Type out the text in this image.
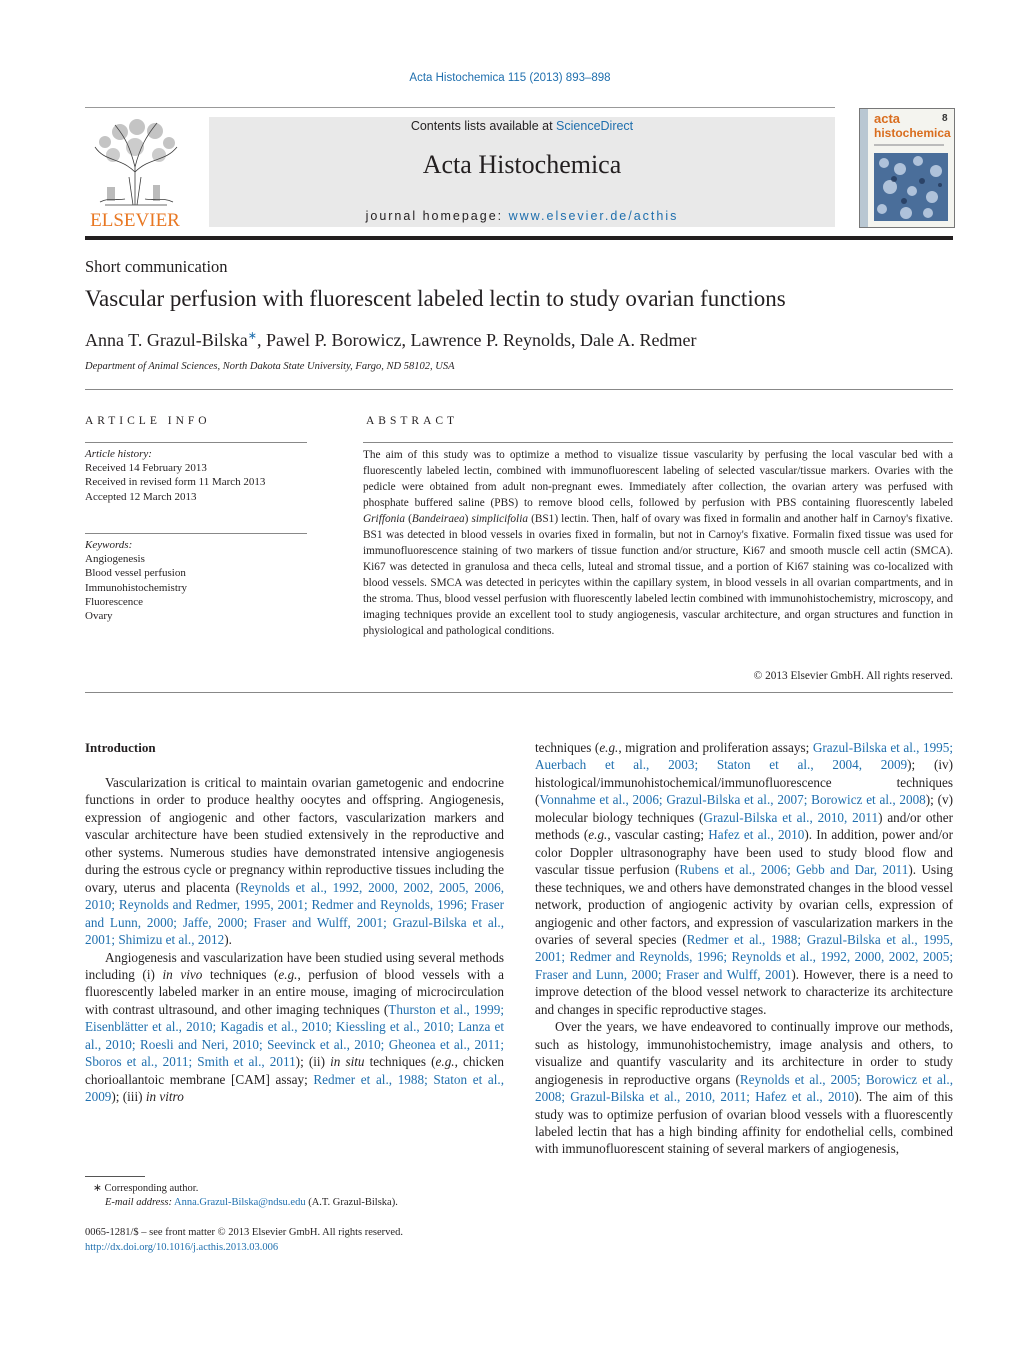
Acta Histochemica 115 (2013) 893–898
ELSEVIER
Contents lists available at ScienceDirect
Acta Histochemica
journal homepage: www.elsevier.de/acthis
acta
histochemica
8
Short communication
Vascular perfusion with fluorescent labeled lectin to study ovarian functions
Anna T. Grazul-Bilska∗, Pawel P. Borowicz, Lawrence P. Reynolds, Dale A. Redmer
Department of Animal Sciences, North Dakota State University, Fargo, ND 58102, USA
ARTICLE INFO	ABSTRACT
Article history:
Received 14 February 2013
Received in revised form 11 March 2013
Accepted 12 March 2013
Keywords:
Angiogenesis
Blood vessel perfusion
Immunohistochemistry
Fluorescence
Ovary
The aim of this study was to optimize a method to visualize tissue vascularity by perfusing the local vascular bed with a fluorescently labeled lectin, combined with immunofluorescent labeling of selected vascular/tissue markers. Ovaries with the pedicle were obtained from adult non-pregnant ewes. Immediately after collection, the ovarian artery was perfused with phosphate buffered saline (PBS) to remove blood cells, followed by perfusion with PBS containing fluorescently labeled Griffonia (Bandeiraea) simplicifolia (BS1) lectin. Then, half of ovary was fixed in formalin and another half in Carnoy's fixative. BS1 was detected in blood vessels in ovaries fixed in formalin, but not in Carnoy's fixative. Formalin fixed tissue was used for immunofluorescence staining of two markers of tissue function and/or structure, Ki67 and smooth muscle cell actin (SMCA). Ki67 was detected in granulosa and theca cells, luteal and stromal tissue, and a portion of Ki67 staining was co-localized with blood vessels. SMCA was detected in pericytes within the capillary system, in blood vessels in all ovarian compartments, and in the stroma. Thus, blood vessel perfusion with fluorescently labeled lectin combined with immunohistochemistry, microscopy, and imaging techniques provide an excellent tool to study angiogenesis, vascular architecture, and organ structures and function in physiological and pathological conditions.
© 2013 Elsevier GmbH. All rights reserved.
Introduction

Vascularization is critical to maintain ovarian gametogenic and endocrine functions in order to produce healthy oocytes and offspring. Angiogenesis, expression of angiogenic and other factors, vascularization markers and vascular architecture have been studied extensively in the reproductive and other systems. Numerous studies have demonstrated intensive angiogenesis during the estrous cycle or pregnancy within reproductive tissues including the ovary, uterus and placenta (Reynolds et al., 1992, 2000, 2002, 2005, 2006, 2010; Reynolds and Redmer, 1995, 2001; Redmer and Reynolds, 1996; Fraser and Lunn, 2000; Jaffe, 2000; Fraser and Wulff, 2001; Grazul-Bilska et al., 2001; Shimizu et al., 2012).

Angiogenesis and vascularization have been studied using several methods including (i) in vivo techniques (e.g., perfusion of blood vessels with a fluorescently labeled marker in an entire mouse, imaging of microcirculation with contrast ultrasound, and other imaging techniques (Thurston et al., 1999; Eisenblätter et al., 2010; Kagadis et al., 2010; Kiessling et al., 2010; Lanza et al., 2010; Roesli and Neri, 2010; Seevinck et al., 2010; Gheonea et al., 2011; Sboros et al., 2011; Smith et al., 2011); (ii) in situ techniques (e.g., chicken chorioallantoic membrane [CAM] assay; Redmer et al., 1988; Staton et al., 2009); (iii) in vitro

techniques (e.g., migration and proliferation assays; Grazul-Bilska et al., 1995; Auerbach et al., 2003; Staton et al., 2004, 2009); (iv) histological/immunohistochemical/immunofluorescence techniques (Vonnahme et al., 2006; Grazul-Bilska et al., 2007; Borowicz et al., 2008); (v) molecular biology techniques (Grazul-Bilska et al., 2010, 2011) and/or other methods (e.g., vascular casting; Hafez et al., 2010). In addition, power and/or color Doppler ultrasonography have been used to study blood flow and vascular tissue perfusion (Rubens et al., 2006; Gebb and Dar, 2011). Using these techniques, we and others have demonstrated changes in the blood vessel network, production of angiogenic activity by ovarian cells, expression of angiogenic and other factors, and expression of vascularization markers in the ovaries of several species (Redmer et al., 1988; Grazul-Bilska et al., 1995, 2001; Redmer and Reynolds, 1996; Reynolds et al., 1992, 2000, 2002, 2005; Fraser and Lunn, 2000; Fraser and Wulff, 2001). However, there is a need to improve detection of the blood vessel network to characterize its architecture and changes in specific reproductive stages.

Over the years, we have endeavored to continually improve our methods, such as histology, immunohistochemistry, image analysis and others, to visualize and quantify vascularity and its architecture in order to study angiogenesis in reproductive organs (Reynolds et al., 2005; Borowicz et al., 2008; Grazul-Bilska et al., 2010, 2011; Hafez et al., 2010). The aim of this study was to optimize perfusion of ovarian blood vessels with a fluorescently labeled lectin that has a high binding affinity for endothelial cells, combined with immunofluorescent staining of several markers of angiogenesis,

∗ Corresponding author.
E-mail address: Anna.Grazul-Bilska@ndsu.edu (A.T. Grazul-Bilska).
0065-1281/$ – see front matter © 2013 Elsevier GmbH. All rights reserved.
http://dx.doi.org/10.1016/j.acthis.2013.03.006
